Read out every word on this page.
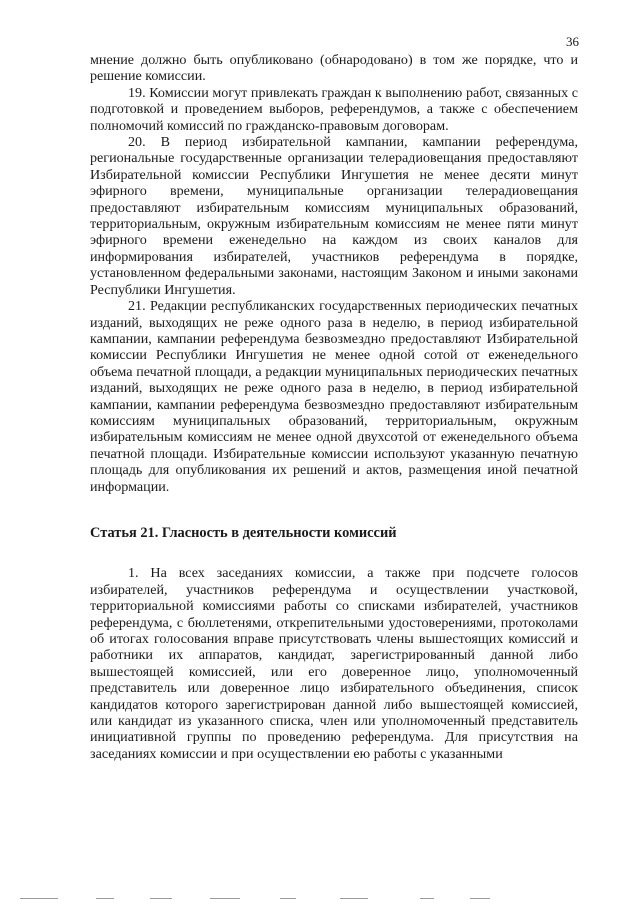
36

мнение должно быть опубликовано (обнародовано) в том же порядке, что и решение комиссии.

19. Комиссии могут привлекать граждан к выполнению работ, связанных с подготовкой и проведением выборов, референдумов, а также с обеспечением полномочий комиссий по гражданско-правовым договорам.

20. В период избирательной кампании, кампании референдума, региональные государственные организации телерадиовещания предоставляют Избирательной комиссии Республики Ингушетия не менее десяти минут эфирного времени, муниципальные организации телерадиовещания предоставляют избирательным комиссиям муниципальных образований, территориальным, окружным избирательным комиссиям не менее пяти минут эфирного времени еженедельно на каждом из своих каналов для информирования избирателей, участников референдума в порядке, установленном федеральными законами, настоящим Законом и иными законами Республики Ингушетия.

21. Редакции республиканских государственных периодических печатных изданий, выходящих не реже одного раза в неделю, в период избирательной кампании, кампании референдума безвозмездно предоставляют Избирательной комиссии Республики Ингушетия не менее одной сотой от еженедельного объема печатной площади, а редакции муниципальных периодических печатных изданий, выходящих не реже одного раза в неделю, в период избирательной кампании, кампании референдума безвозмездно предоставляют избирательным комиссиям муниципальных образований, территориальным, окружным избирательным комиссиям не менее одной двухсотой от еженедельного объема печатной площади. Избирательные комиссии используют указанную печатную площадь для опубликования их решений и актов, размещения иной печатной информации.

Статья 21. Гласность в деятельности комиссий

1. На всех заседаниях комиссии, а также при подсчете голосов избирателей, участников референдума и осуществлении участковой, территориальной комиссиями работы со списками избирателей, участников референдума, с бюллетенями, открепительными удостоверениями, протоколами об итогах голосования вправе присутствовать члены вышестоящих комиссий и работники их аппаратов, кандидат, зарегистрированный данной либо вышестоящей комиссией, или его доверенное лицо, уполномоченный представитель или доверенное лицо избирательного объединения, список кандидатов которого зарегистрирован данной либо вышестоящей комиссией, или кандидат из указанного списка, член или уполномоченный представитель инициативной группы по проведению референдума. Для присутствия на заседаниях комиссии и при осуществлении ею работы с указанными
